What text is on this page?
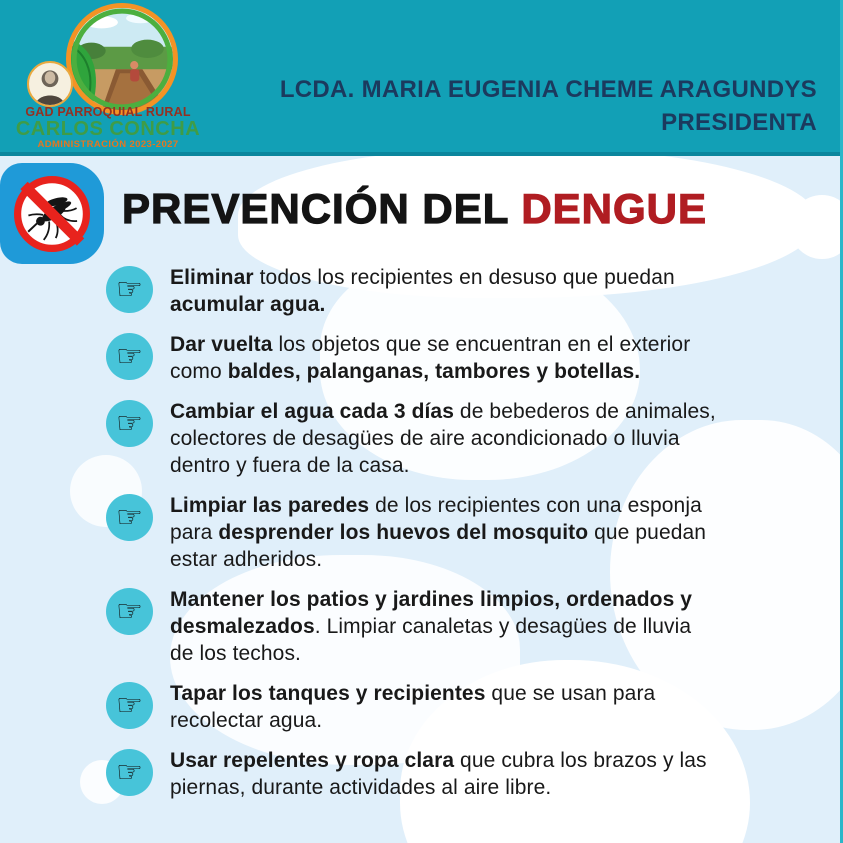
GAD PARROQUIAL RURAL
CARLOS CONCHA
ADMINISTRACIÓN 2023-2027
LCDA. MARIA EUGENIA CHEME ARAGUNDYS
PRESIDENTA
PREVENCIÓN DEL DENGUE
☞	Eliminar todos los recipientes en desuso que puedan acumular agua.

☞	Dar vuelta los objetos que se encuentran en el exterior como baldes, palanganas, tambores y botellas.

☞	Cambiar el agua cada 3 días de bebederos de animales, colectores de desagües de aire acondicionado o lluvia dentro y fuera de la casa.

☞	Limpiar las paredes de los recipientes con una esponja para desprender los huevos del mosquito que puedan estar adheridos.

☞	Mantener los patios y jardines limpios, ordenados y desmalezados. Limpiar canaletas y desagües de lluvia de los techos.

☞	Tapar los tanques y recipientes que se usan para recolectar agua.

☞	Usar repelentes y ropa clara que cubra los brazos y las piernas, durante actividades al aire libre.
